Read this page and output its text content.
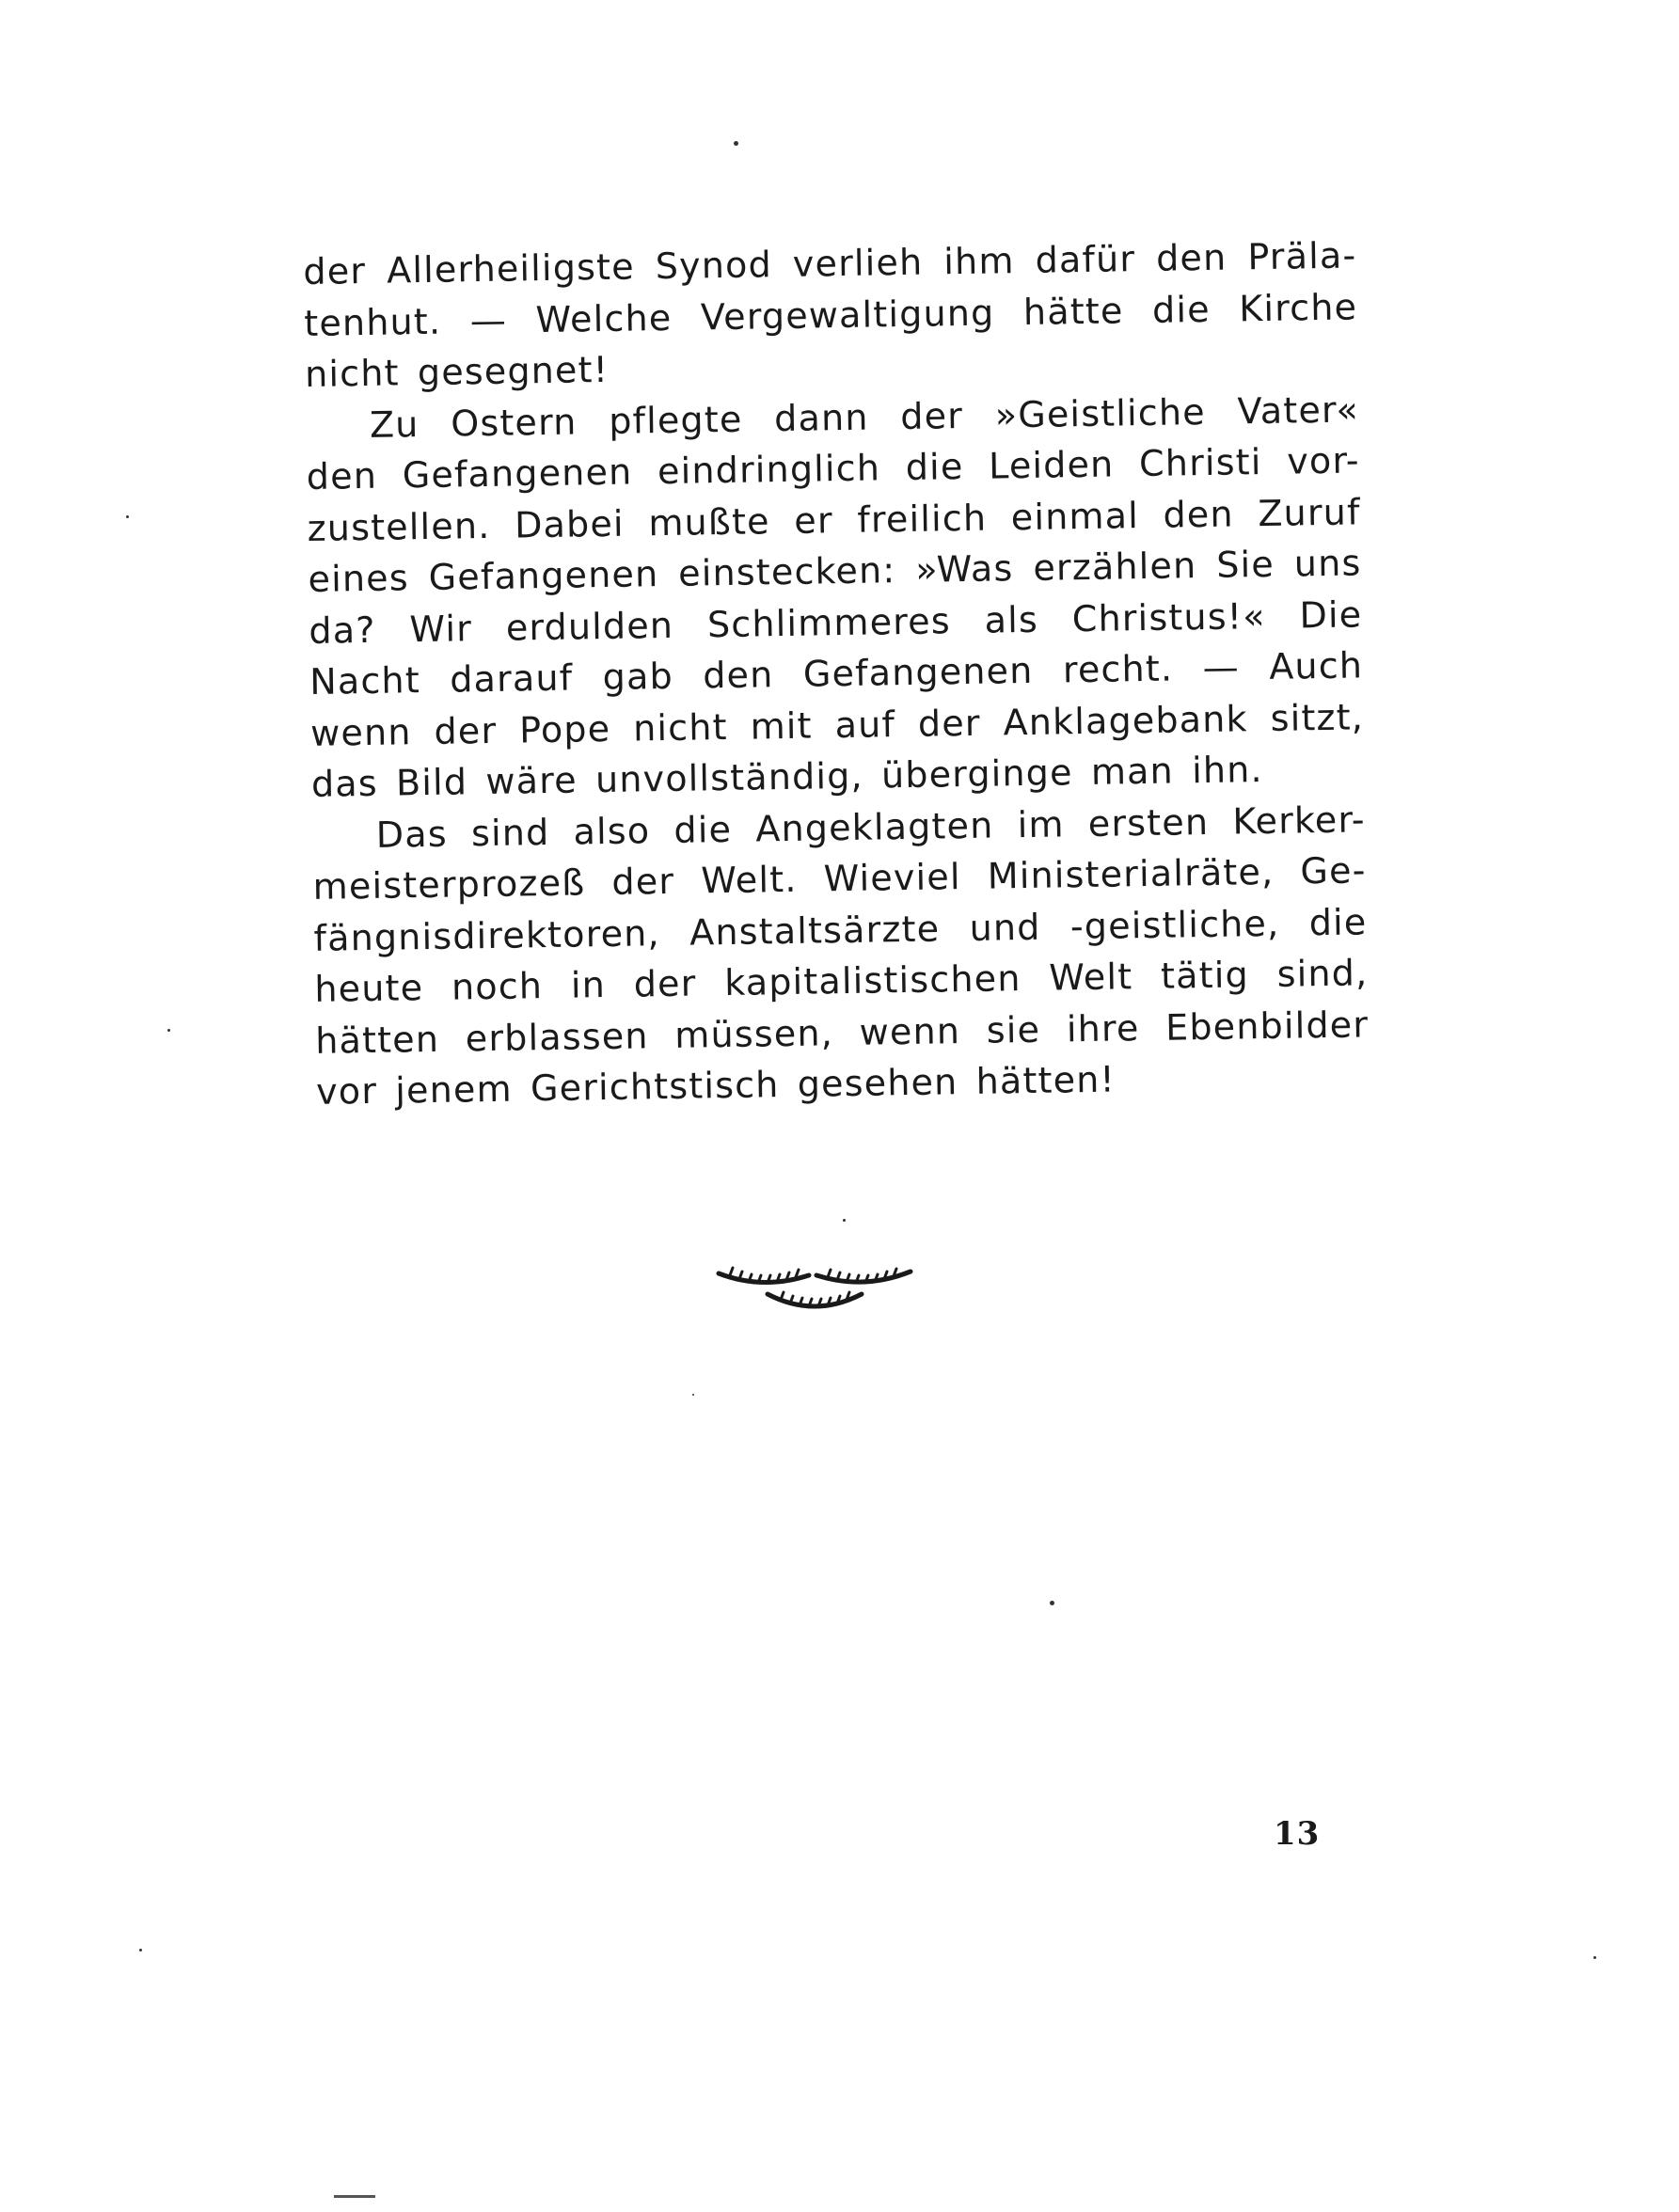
der Allerheiligste Synod verlieh ihm dafür den Präla-
tenhut. — Welche Vergewaltigung hätte die Kirche
nicht gesegnet!
Zu Ostern pflegte dann der »Geistliche Vater«
den Gefangenen eindringlich die Leiden Christi vor-
zustellen. Dabei mußte er freilich einmal den Zuruf
eines Gefangenen einstecken: »Was erzählen Sie uns
da? Wir erdulden Schlimmeres als Christus!« Die
Nacht darauf gab den Gefangenen recht. — Auch
wenn der Pope nicht mit auf der Anklagebank sitzt,
das Bild wäre unvollständig, überginge man ihn.
Das sind also die Angeklagten im ersten Kerker-
meisterprozeß der Welt. Wieviel Ministerialräte, Ge-
fängnisdirektoren, Anstaltsärzte und -geistliche, die
heute noch in der kapitalistischen Welt tätig sind,
hätten erblassen müssen, wenn sie ihre Ebenbilder
vor jenem Gerichtstisch gesehen hätten!
13
